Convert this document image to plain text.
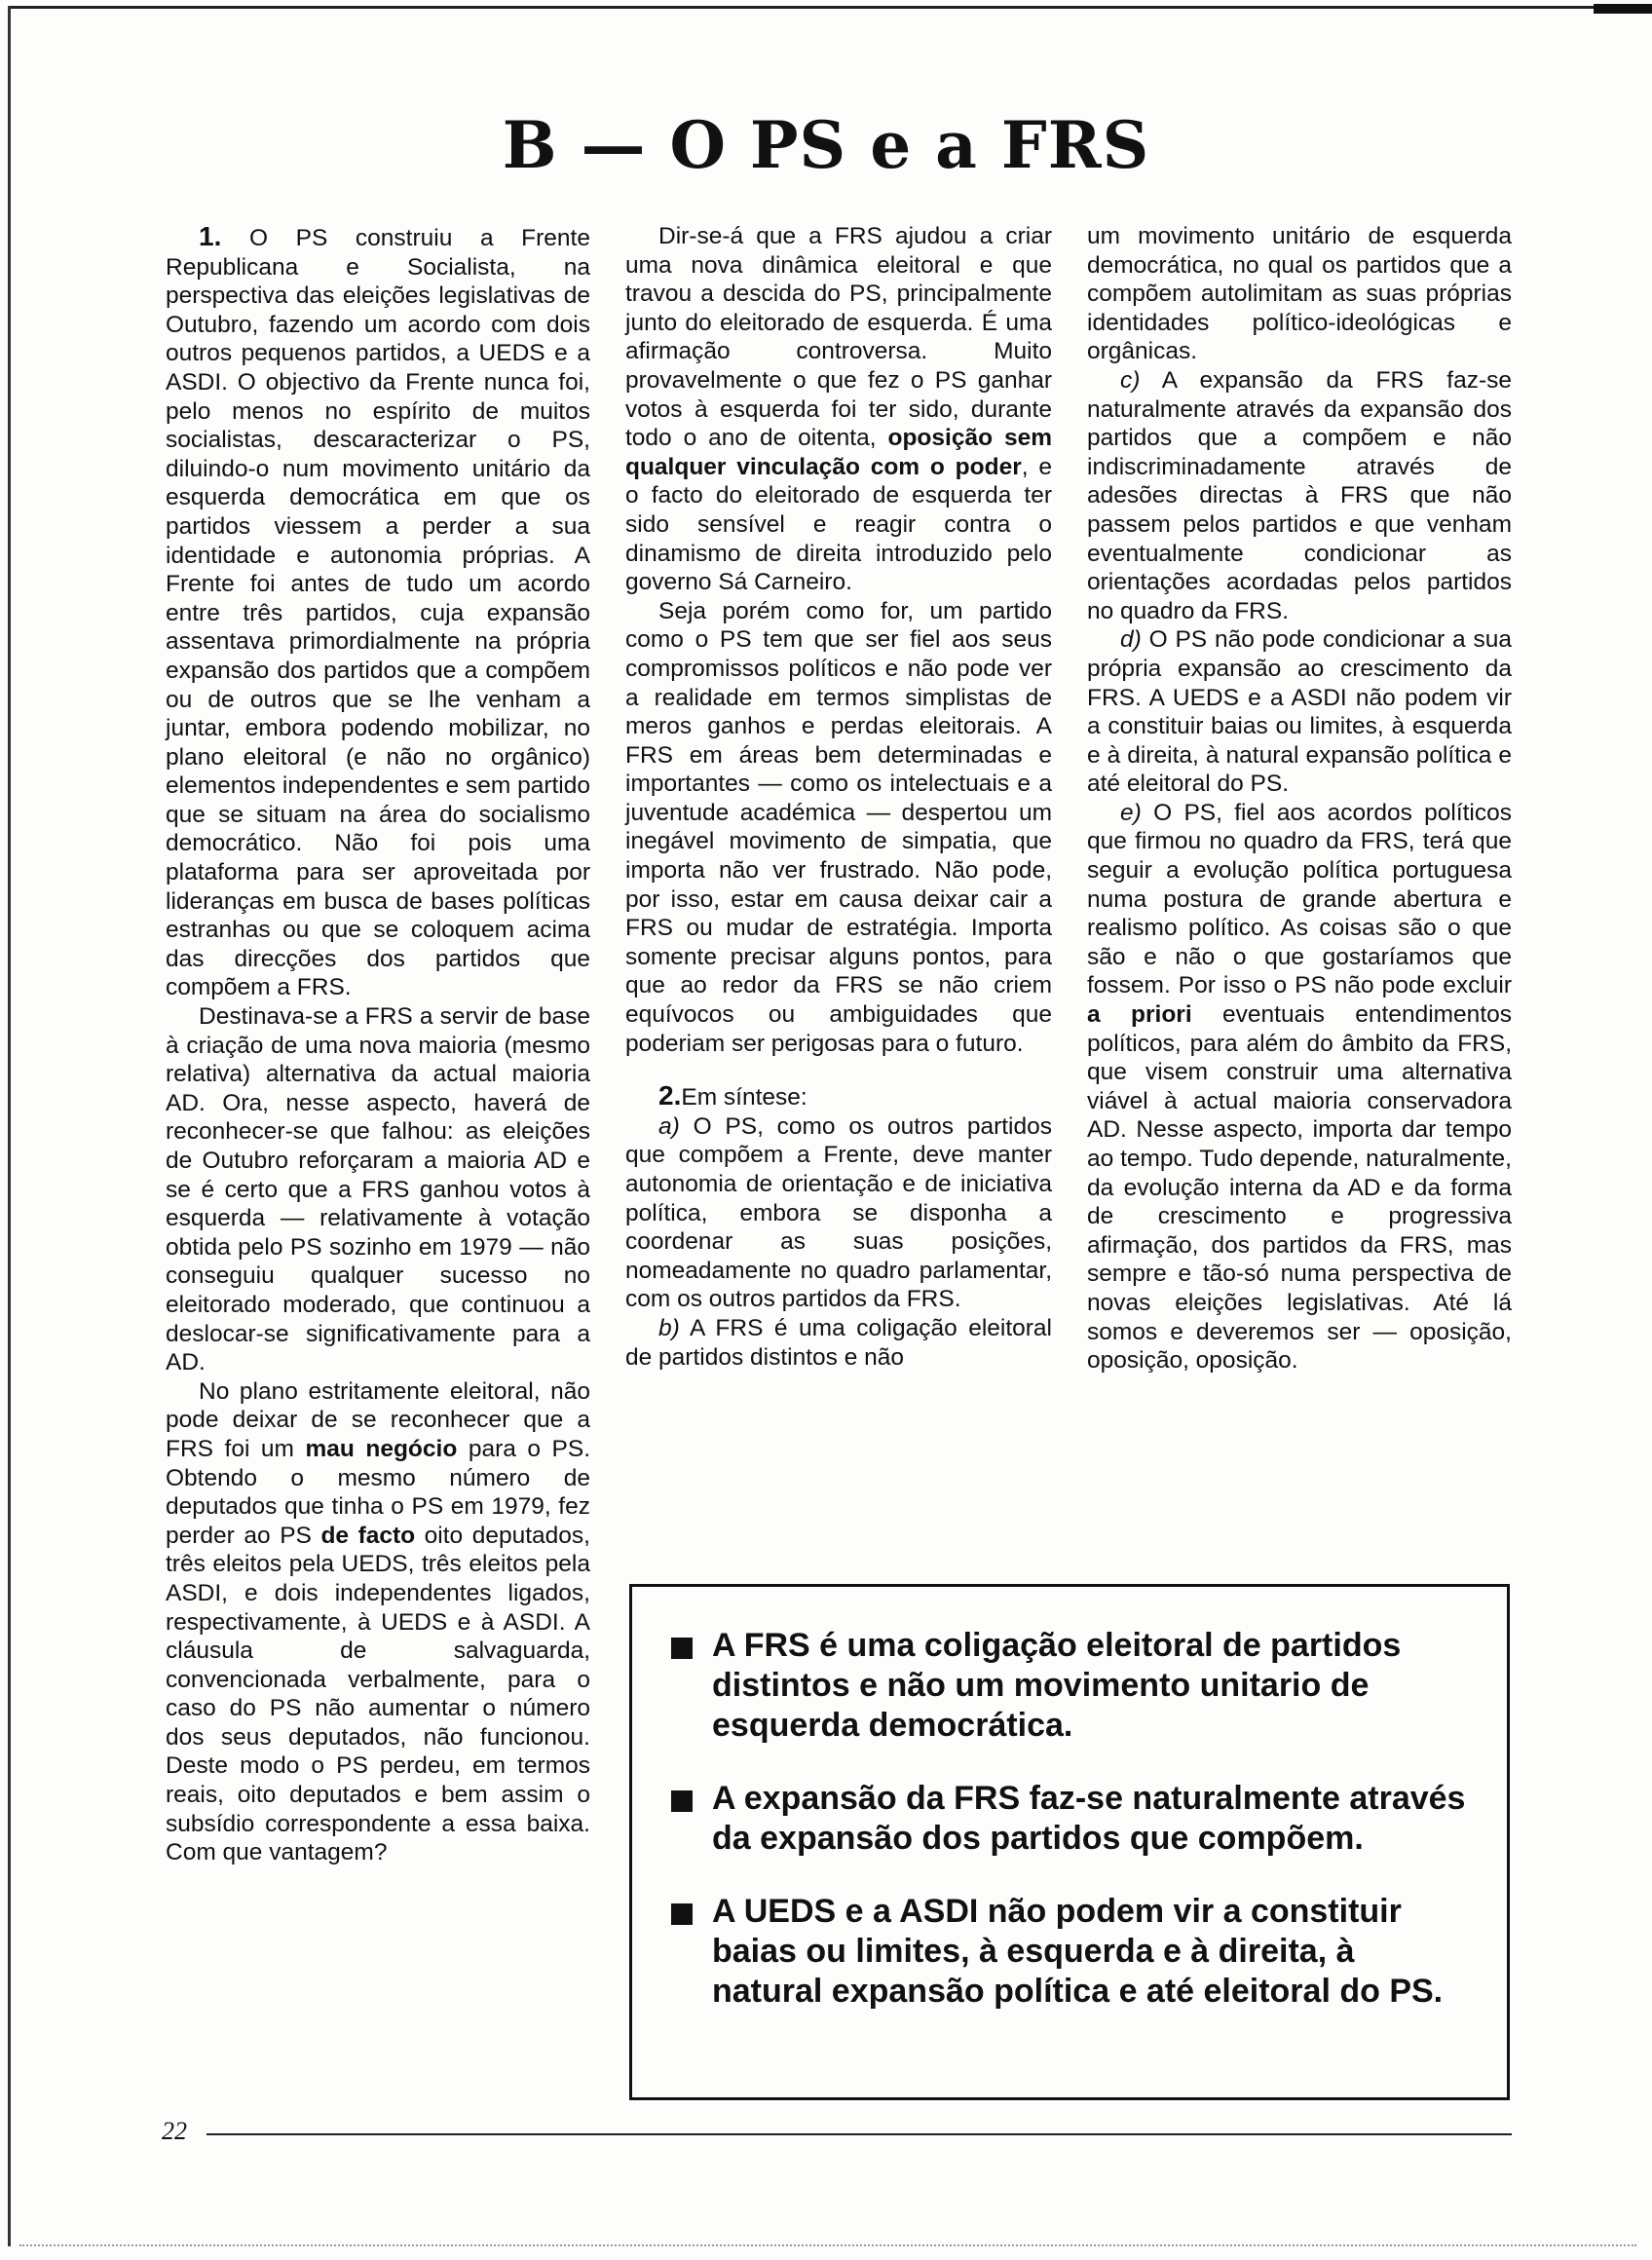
B — O PS e a FRS

1. O PS construiu a Frente Republicana e Socialista, na perspectiva das eleições legislativas de Outubro, fazendo um acordo com dois outros pequenos partidos, a UEDS e a ASDI. O objectivo da Frente nunca foi, pelo menos no espírito de muitos socialistas, descaracterizar o PS, diluindo-o num movimento unitário da esquerda democrática em que os partidos viessem a perder a sua identidade e autonomia próprias. A Frente foi antes de tudo um acordo entre três partidos, cuja expansão assentava primordialmente na própria expansão dos partidos que a compõem ou de outros que se lhe venham a juntar, embora podendo mobilizar, no plano eleitoral (e não no orgânico) elementos independentes e sem partido que se situam na área do socialismo democrático. Não foi pois uma plataforma para ser aproveitada por lideranças em busca de bases políticas estranhas ou que se coloquem acima das direcções dos partidos que compõem a FRS.

Destinava-se a FRS a servir de base à criação de uma nova maioria (mesmo relativa) alternativa da actual maioria AD. Ora, nesse aspecto, haverá de reconhecer-se que falhou: as eleições de Outubro reforçaram a maioria AD e se é certo que a FRS ganhou votos à esquerda — relativamente à votação obtida pelo PS sozinho em 1979 — não conseguiu qualquer sucesso no eleitorado moderado, que continuou a deslocar-se significativamente para a AD.

No plano estritamente eleitoral, não pode deixar de se reconhecer que a FRS foi um mau negócio para o PS. Obtendo o mesmo número de deputados que tinha o PS em 1979, fez perder ao PS de facto oito deputados, três eleitos pela UEDS, três eleitos pela ASDI, e dois independentes ligados, respectivamente, à UEDS e à ASDI. A cláusula de salvaguarda, convencionada verbalmente, para o caso do PS não aumentar o número dos seus deputados, não funcionou. Deste modo o PS perdeu, em termos reais, oito deputados e bem assim o subsídio correspondente a essa baixa. Com que vantagem?

Dir-se-á que a FRS ajudou a criar uma nova dinâmica eleitoral e que travou a descida do PS, principalmente junto do eleitorado de esquerda. É uma afirmação controversa. Muito provavelmente o que fez o PS ganhar votos à esquerda foi ter sido, durante todo o ano de oitenta, oposição sem qualquer vinculação com o poder, e o facto do eleitorado de esquerda ter sido sensível e reagir contra o dinamismo de direita introduzido pelo governo Sá Carneiro.

Seja porém como for, um partido como o PS tem que ser fiel aos seus compromissos políticos e não pode ver a realidade em termos simplistas de meros ganhos e perdas eleitorais. A FRS em áreas bem determinadas e importantes — como os intelectuais e a juventude académica — despertou um inegável movimento de simpatia, que importa não ver frustrado. Não pode, por isso, estar em causa deixar cair a FRS ou mudar de estratégia. Importa somente precisar alguns pontos, para que ao redor da FRS se não criem equívocos ou ambiguidades que poderiam ser perigosas para o futuro.

2.Em síntese:

a) O PS, como os outros partidos que compõem a Frente, deve manter autonomia de orientação e de iniciativa política, embora se disponha a coordenar as suas posições, nomeadamente no quadro parlamentar, com os outros partidos da FRS.

b) A FRS é uma coligação eleitoral de partidos distintos e não

um movimento unitário de esquerda democrática, no qual os partidos que a compõem autolimitam as suas próprias identidades político-ideológicas e orgânicas.

c) A expansão da FRS faz-se naturalmente através da expansão dos partidos que a compõem e não indiscriminadamente através de adesões directas à FRS que não passem pelos partidos e que venham eventualmente condicionar as orientações acordadas pelos partidos no quadro da FRS.

d) O PS não pode condicionar a sua própria expansão ao crescimento da FRS. A UEDS e a ASDI não podem vir a constituir baias ou limites, à esquerda e à direita, à natural expansão política e até eleitoral do PS.

e) O PS, fiel aos acordos políticos que firmou no quadro da FRS, terá que seguir a evolução política portuguesa numa postura de grande abertura e realismo político. As coisas são o que são e não o que gostaríamos que fossem. Por isso o PS não pode excluir a priori eventuais entendimentos políticos, para além do âmbito da FRS, que visem construir uma alternativa viável à actual maioria conservadora AD. Nesse aspecto, importa dar tempo ao tempo. Tudo depende, naturalmente, da evolução interna da AD e da forma de crescimento e progressiva afirmação, dos partidos da FRS, mas sempre e tão-só numa perspectiva de novas eleições legislativas. Até lá somos e deveremos ser — oposição, oposição, oposição.

A FRS é uma coligação eleitoral de partidos distintos e não um movimento unitario de esquerda democrática.
A expansão da FRS faz-se naturalmente através da expansão dos partidos que compõem.
A UEDS e a ASDI não podem vir a constituir baias ou limites, à esquerda e à direita, à natural expansão política e até eleitoral do PS.
22
